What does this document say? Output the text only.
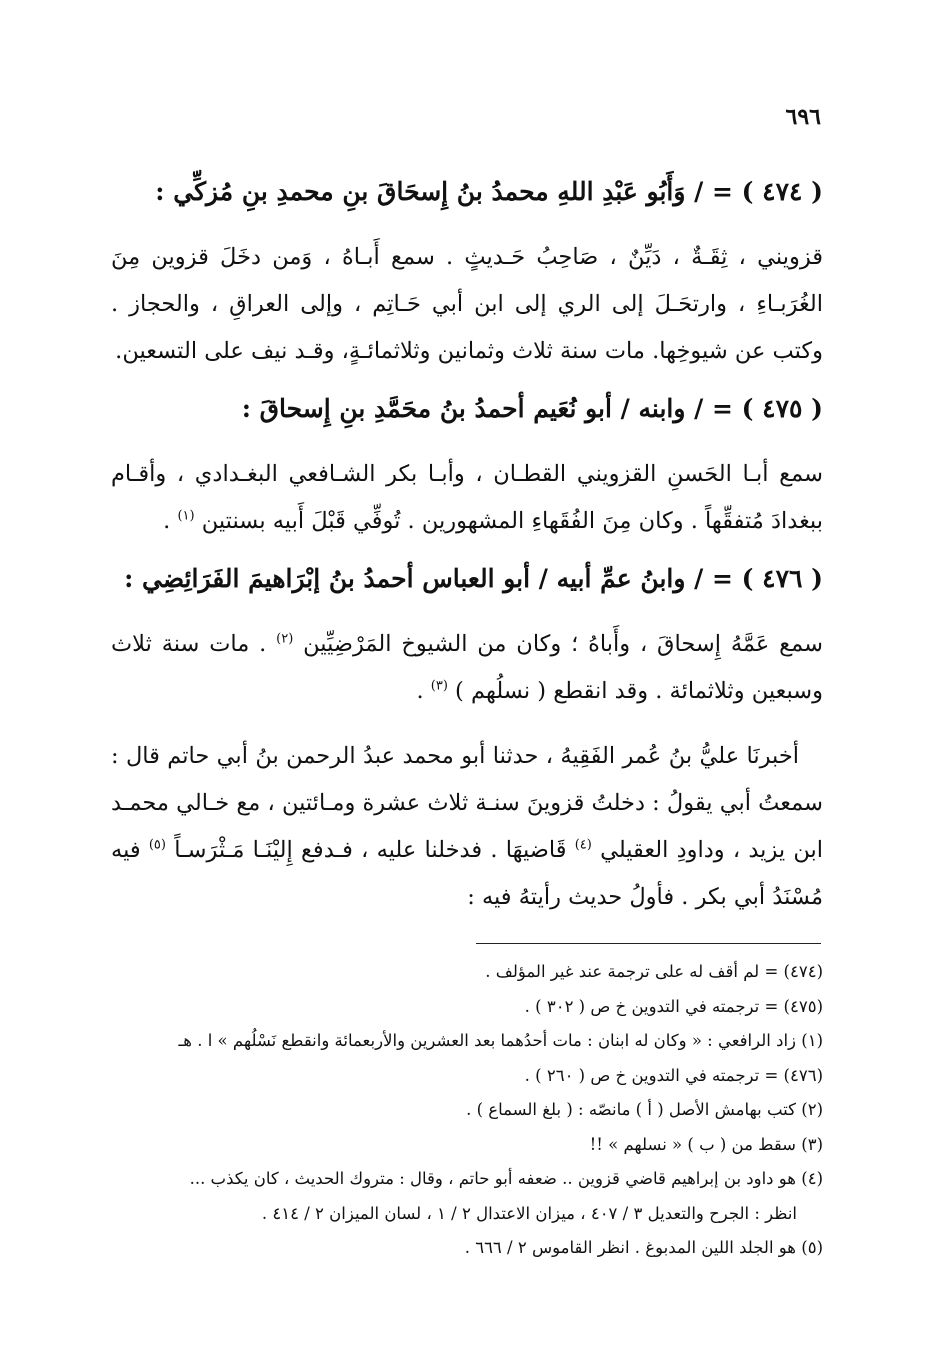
٦٩٦
( ٤٧٤ ) = / وَأَبُو عَبْدِ اللهِ محمدُ بنُ إِسحَاقَ بنِ محمدِ بنِ مُزكِّي :

قزويني ، ثِقَـةٌ ، دَيِّنٌ ، صَاحِبُ حَـديثٍ . سمع أَبـاهُ ، وَمن دخَلَ قزوين مِنَ الغُرَبـاءِ ، وارتحَـلَ إلى الري إلى ابن أبي حَـاتِم ، وإلى العراقِ ، والحجاز . وكتب عن شيوخِها. مات سنة ثلاث وثمانين وثلاثمائـةٍ، وقـد نيف على التسعين.

( ٤٧٥ ) = / وابنه / أبو نُعَيم أحمدُ بنُ محَمَّدِ بنِ إِسحاقَ :

سمع أبـا الحَسنِ القزويني القطـان ، وأبـا بكر الشـافعي البغـدادي ، وأقـام ببغدادَ مُتفقِّهاً . وكان مِنَ الفُقَهاءِ المشهورين . تُوفِّي قَبْلَ أَبيه بسنتين $^{(١)}$ .

( ٤٧٦ ) = / وابنُ عمِّ أبيه / أبو العباس أحمدُ بنُ إبْرَاهيمَ الفَرَائِضِي :

سمع عَمَّهُ إِسحاقَ ، وأَباهُ ؛ وكان من الشيوخ المَرْضِيِّين $^{(٢)}$ . مات سنة ثلاث وسبعين وثلاثمائة . وقد انقطع ( نسلُهم ) $^{(٣)}$ .

أخبرنَا عليُّ بنُ عُمر الفَقِيهُ ، حدثنا أبو محمد عبدُ الرحمن بنُ أبي حاتم قال : سمعتُ أبي يقولُ : دخلتُ قزوينَ سنـة ثلاث عشرة ومـائتين ، مع خـالي محمـد ابن يزيد ، وداودِ العقيلي $^{(٤)}$ قَاضيهَا . فدخلنا عليه ، فـدفع إِليْنَـا مَـثْرَسـاً $^{(٥)}$ فيه مُسْنَدُ أبي بكر . فأولُ حديث رأيتهُ فيه :

(٤٧٤) = لم أقف له على ترجمة عند غير المؤلف .

(٤٧٥) = ترجمته في التدوين خ ص ( ٣٠٢ ) .

(١) زاد الرافعي : « وكان له ابنان : مات أحدُهما بعد العشرين والأربعمائة وانقطع نَسْلُهم » ا . هـ

(٤٧٦) = ترجمته في التدوين خ ص ( ٢٦٠ ) .

(٢) كتب بهامش الأصل ( أ ) مانصّه : ( بلغ السماع ) .

(٣) سقط من ( ب ) « نسلهم » !!

(٤) هو داود بن إبراهيم قاضي قزوين .. ضعفه أبو حاتم ، وقال : متروك الحديث ، كان يكذب ...

انظر : الجرح والتعديل ٣ / ٤٠٧ ، ميزان الاعتدال ٢ / ١ ، لسان الميزان ٢ / ٤١٤ .

(٥) هو الجلد اللين المدبوغ . انظر القاموس ٢ / ٦٦٦ .
